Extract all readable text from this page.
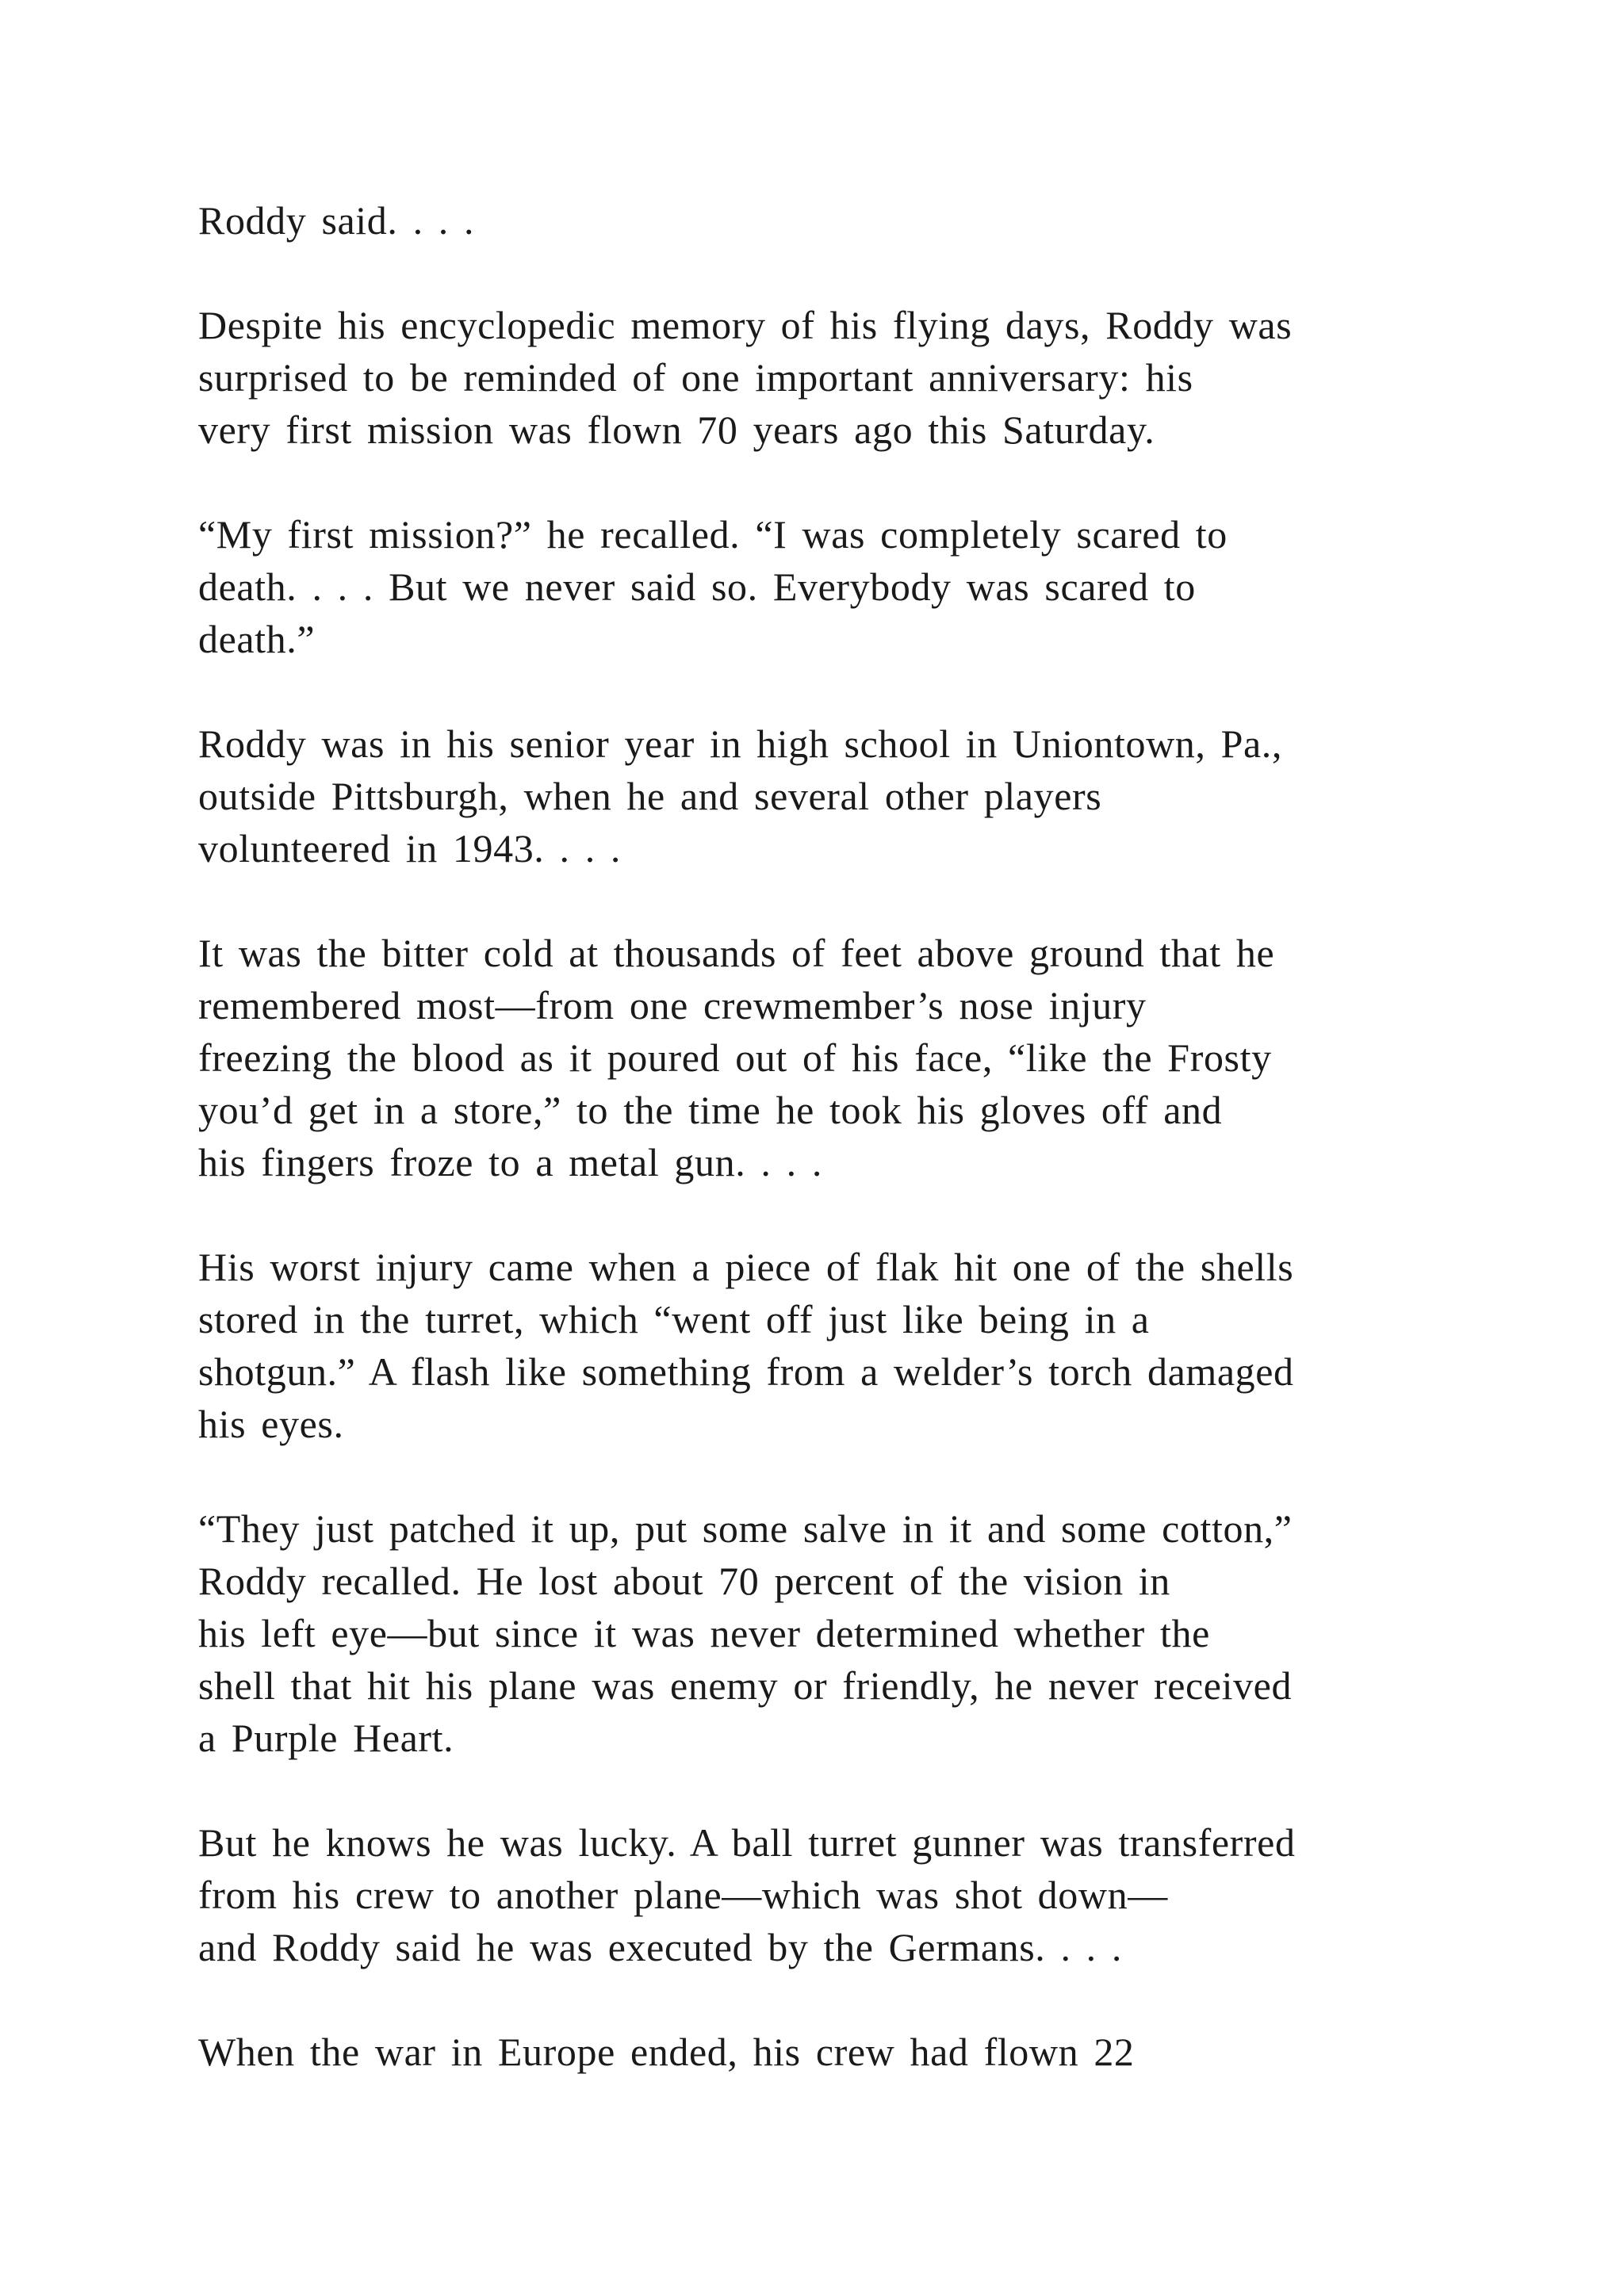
Roddy said. . . .

Despite his encyclopedic memory of his flying days, Roddy was
surprised to be reminded of one important anniversary: his
very first mission was flown 70 years ago this Saturday.

“My first mission?” he recalled. “I was completely scared to
death. . . . But we never said so. Everybody was scared to
death.”

Roddy was in his senior year in high school in Uniontown, Pa.,
outside Pittsburgh, when he and several other players
volunteered in 1943. . . .

It was the bitter cold at thousands of feet above ground that he
remembered most—from one crewmember’s nose injury
freezing the blood as it poured out of his face, “like the Frosty
you’d get in a store,” to the time he took his gloves off and
his fingers froze to a metal gun. . . .

His worst injury came when a piece of flak hit one of the shells
stored in the turret, which “went off just like being in a
shotgun.” A flash like something from a welder’s torch damaged
his eyes.

“They just patched it up, put some salve in it and some cotton,”
Roddy recalled. He lost about 70 percent of the vision in
his left eye—but since it was never determined whether the
shell that hit his plane was enemy or friendly, he never received
a Purple Heart.

But he knows he was lucky. A ball turret gunner was transferred
from his crew to another plane—which was shot down—
and Roddy said he was executed by the Germans. . . .

When the war in Europe ended, his crew had flown 22
